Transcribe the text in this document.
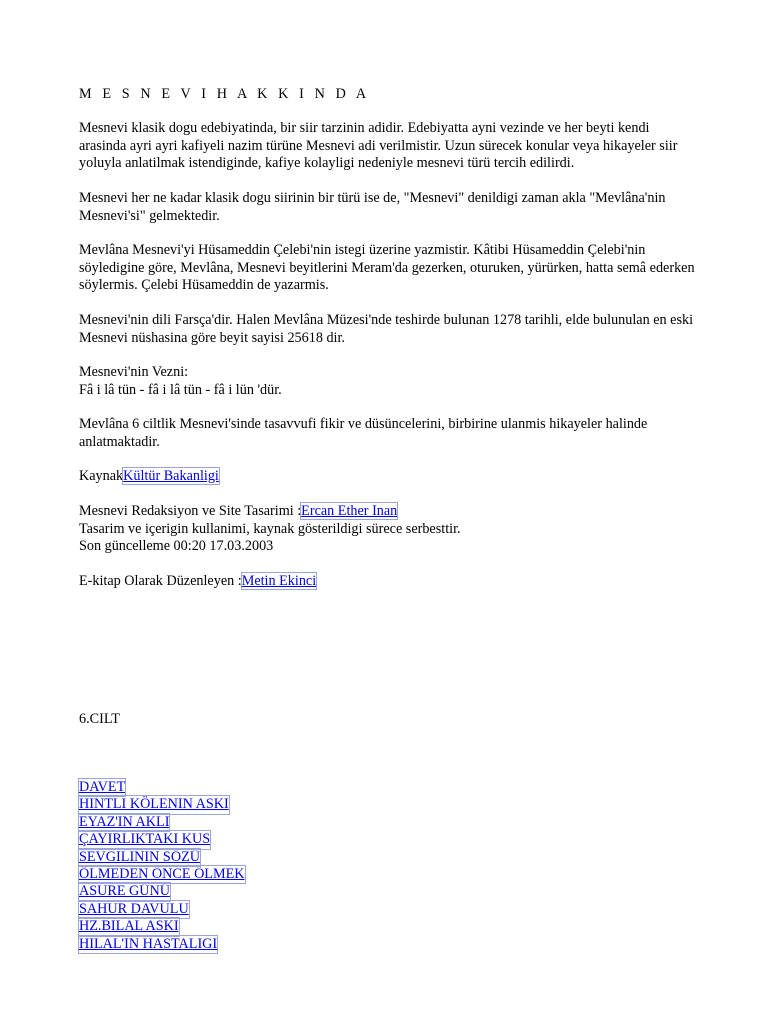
M E S N E V I H A K K I N D A

Mesnevi klasik dogu edebiyatinda, bir siir tarzinin adidir. Edebiyatta ayni vezinde ve her beyti kendi arasinda ayri ayri kafiyeli nazim türüne Mesnevi adi verilmistir. Uzun sürecek konular veya hikayeler siir yoluyla anlatilmak istendiginde, kafiye kolayligi nedeniyle mesnevi türü tercih edilirdi.

Mesnevi her ne kadar klasik dogu siirinin bir türü ise de, "Mesnevi" denildigi zaman akla "Mevlâna'nin Mesnevi'si" gelmektedir.

Mevlâna Mesnevi'yi Hüsameddin Çelebi'nin istegi üzerine yazmistir. Kâtibi Hüsameddin Çelebi'nin söyledigine göre, Mevlâna, Mesnevi beyitlerini Meram'da gezerken, oturuken, yürürken, hatta semâ ederken söylermis. Çelebi Hüsameddin de yazarmis.

Mesnevi'nin dili Farsça'dir. Halen Mevlâna Müzesi'nde teshirde bulunan 1278 tarihli, elde bulunulan en eski Mesnevi nüshasina göre beyit sayisi 25618 dir.

Mesnevi'nin Vezni:
Fâ i lâ tün - fâ i lâ tün - fâ i lün 'dür.

Mevlâna 6 ciltlik Mesnevi'sinde tasavvufi fikir ve düsüncelerini, birbirine ulanmis hikayeler halinde anlatmaktadir.

KaynakKültür Bakanligi

Mesnevi Redaksiyon ve Site Tasarimi :Ercan Ether Inan
Tasarim ve içerigin kullanimi, kaynak gösterildigi sürece serbesttir.
Son güncelleme 00:20 17.03.2003

E-kitap Olarak Düzenleyen :Metin Ekinci

6.CILT

DAVET
HINTLI KÖLENIN ASKI
EYAZ'IN AKLI
ÇAYIRLIKTAKI KUS
SEVGILININ SÖZÜ
ÖLMEDEN ÖNCE ÖLMEK
ASURE GÜNÜ
SAHUR DAVULU
HZ.BILAL ASKI
HILAL'IN HASTALIGI
